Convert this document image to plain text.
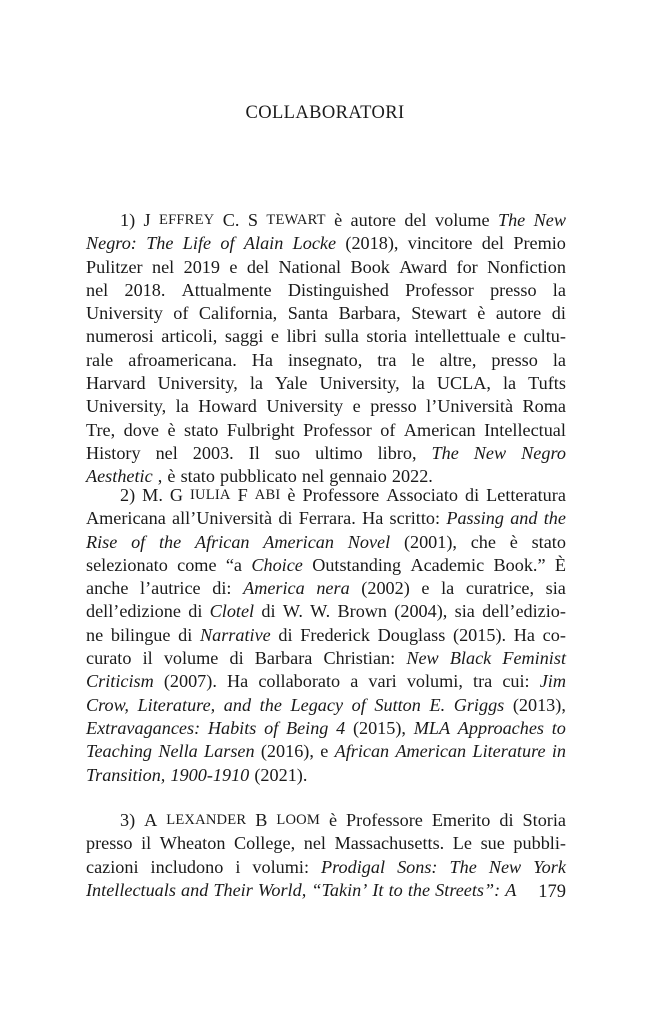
COLLABORATORI
1) J EFFREY C. S TEWART è autore del volume The New
Negro: The Life of Alain Locke (2018), vincitore del Premio
Pulitzer nel 2019 e del National Book Award for Nonfiction
nel 2018. Attualmente Distinguished Professor presso la
University of California, Santa Barbara, Stewart è autore di
numerosi articoli, saggi e libri sulla storia intellettuale e cultu-
rale afroamericana. Ha insegnato, tra le altre, presso la
Harvard University, la Yale University, la UCLA, la Tufts
University, la Howard University e presso l’Università Roma
Tre, dove è stato Fulbright Professor of American Intellectual
History nel 2003. Il suo ultimo libro, The New Negro
Aesthetic , è stato pubblicato nel gennaio 2022.
2) M. G IULIA F ABI è Professore Associato di Letteratura
Americana all’Università di Ferrara. Ha scritto: Passing and the
Rise of the African American Novel (2001), che è stato
selezionato come “a Choice Outstanding Academic Book.” È
anche l’autrice di: America nera (2002) e la curatrice, sia
dell’edizione di Clotel di W. W. Brown (2004), sia dell’edizio-
ne bilingue di Narrative di Frederick Douglass (2015). Ha co-
curato il volume di Barbara Christian: New Black Feminist
Criticism (2007). Ha collaborato a vari volumi, tra cui: Jim
Crow, Literature, and the Legacy of Sutton E. Griggs (2013),
Extravagances: Habits of Being 4 (2015), MLA Approaches to
Teaching Nella Larsen (2016), e African American Literature in
Transition, 1900-1910 (2021).
3) A LEXANDER B LOOM è Professore Emerito di Storia
presso il Wheaton College, nel Massachusetts. Le sue pubbli-
cazioni includono i volumi: Prodigal Sons: The New York
Intellectuals and Their World, “Takin’ It to the Streets”: A 179
